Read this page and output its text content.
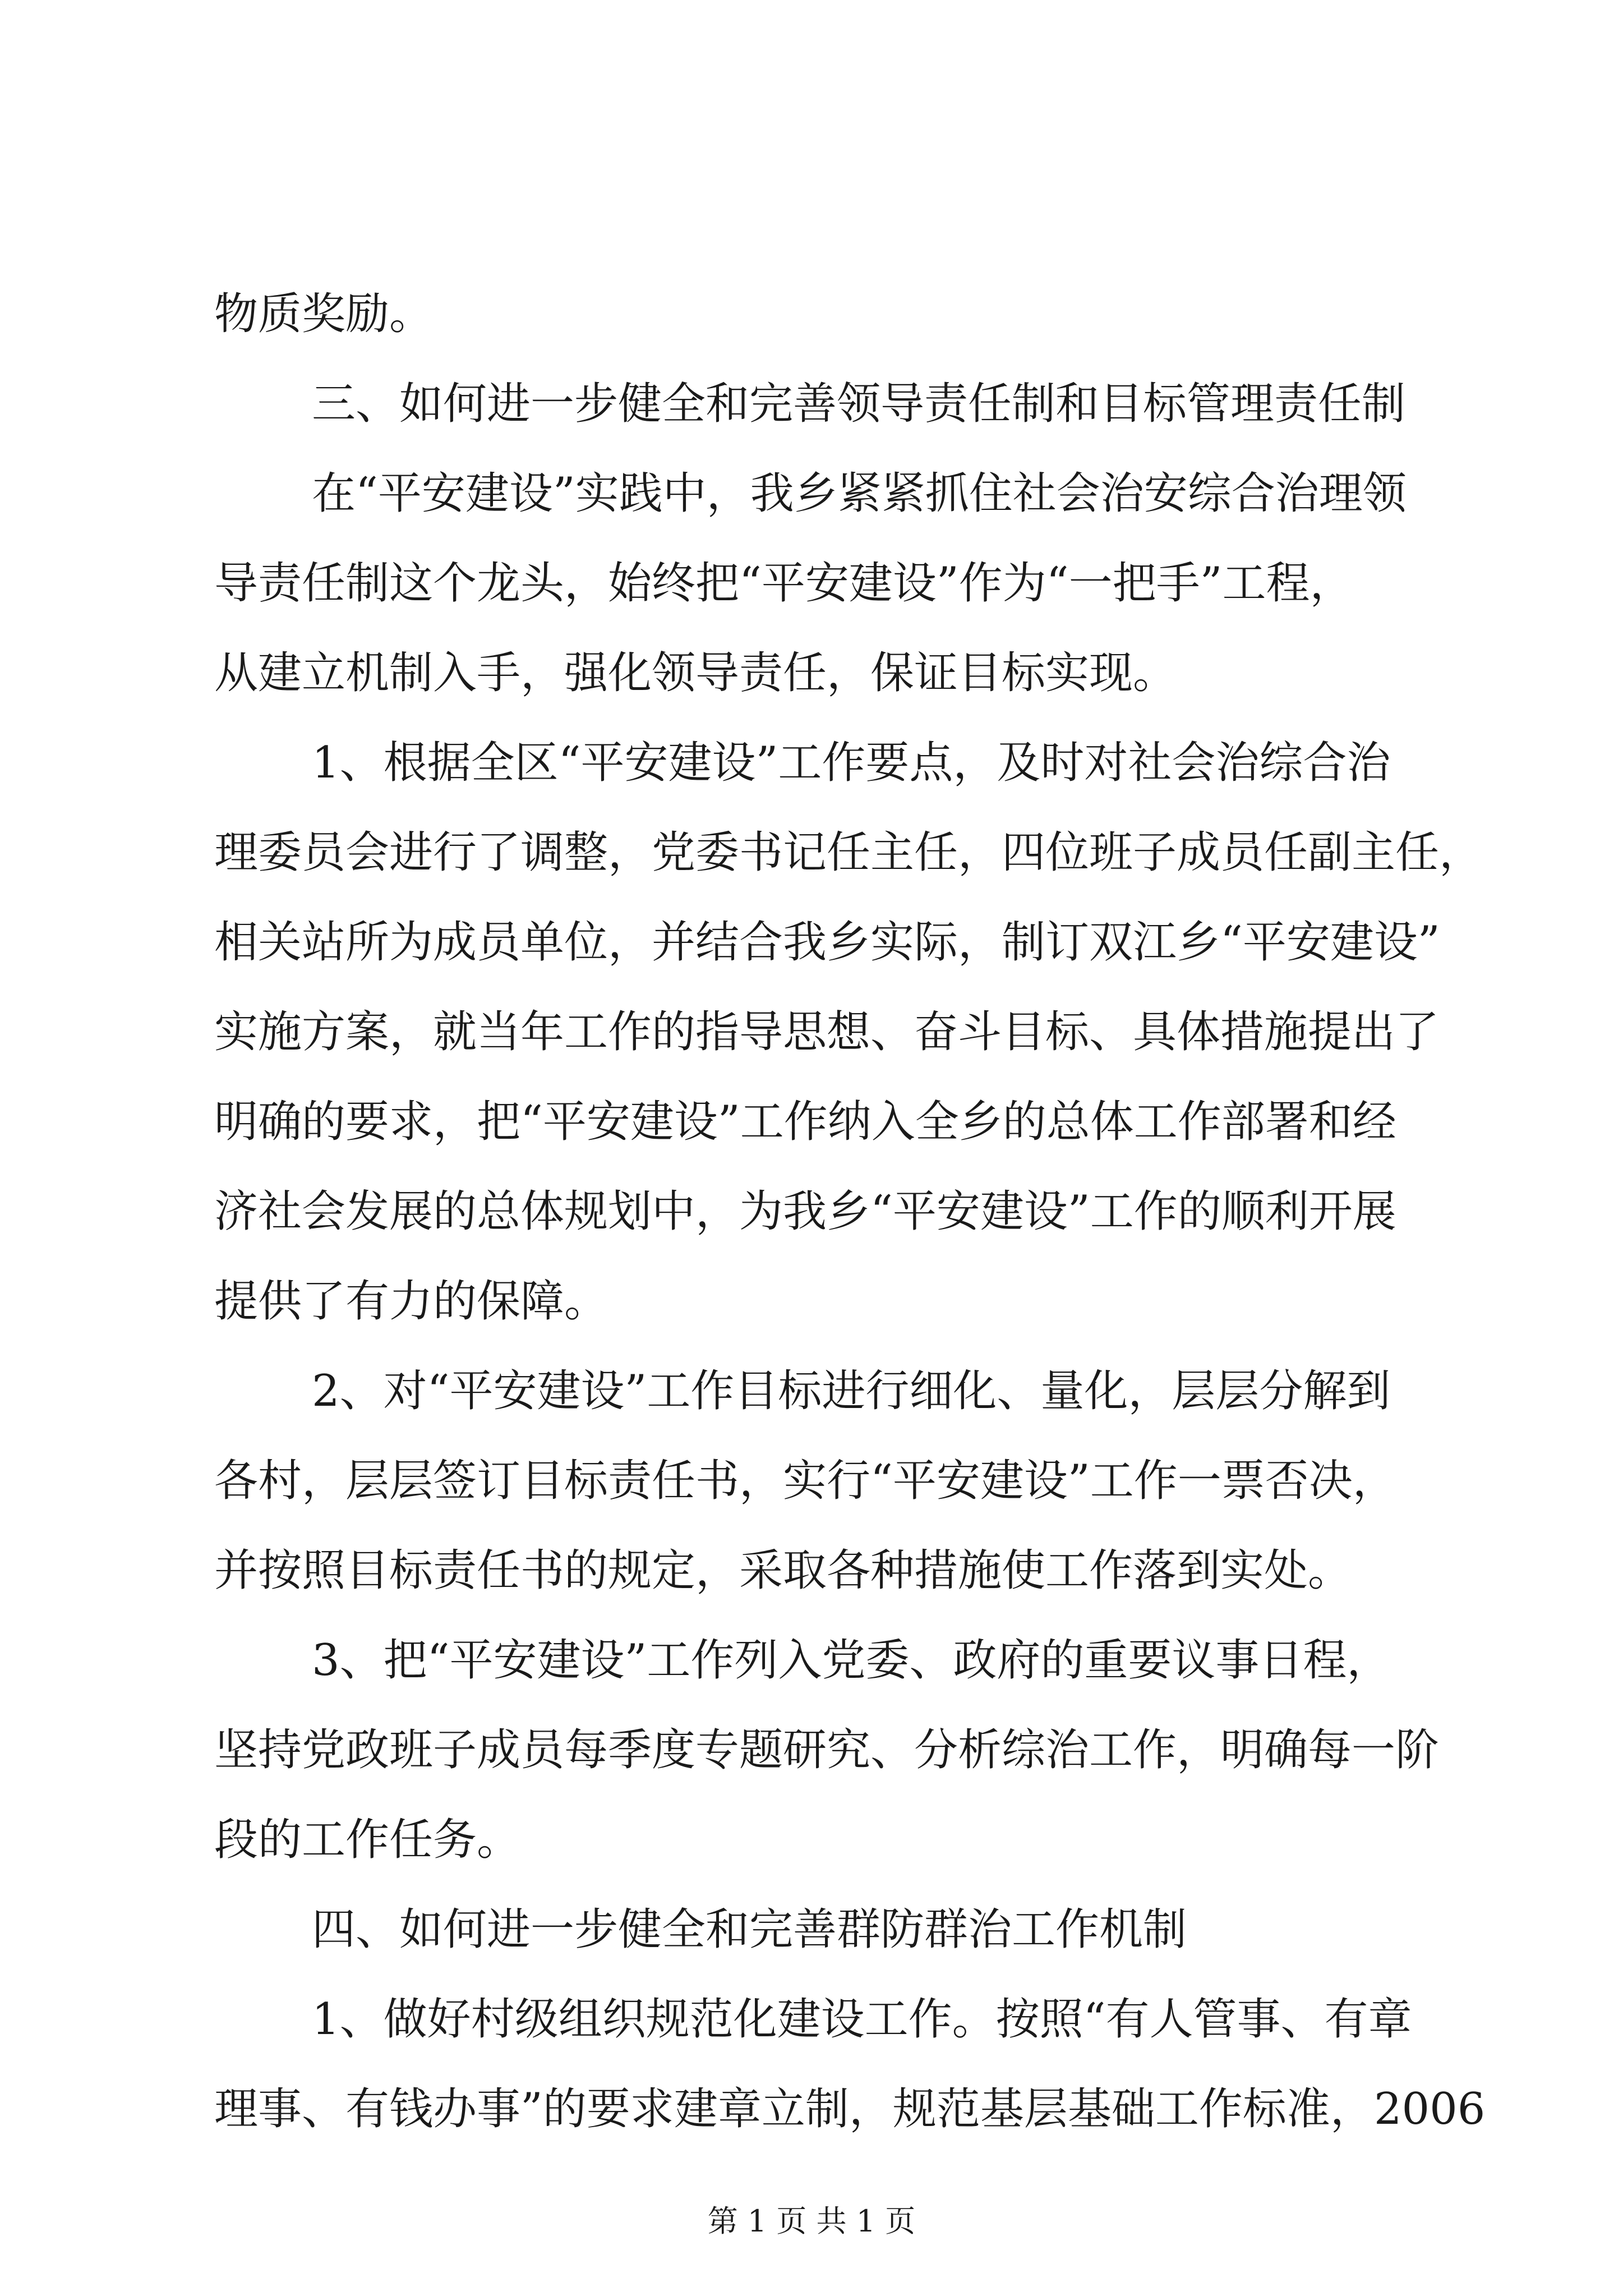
物质奖励。
三、如何进一步健全和完善领导责任制和目标管理责任制
在“平安建设”实践中，我乡紧紧抓住社会治安综合治理领
导责任制这个龙头，始终把“平安建设”作为“一把手”工程，
从建立机制入手，强化领导责任，保证目标实现。
1、根据全区“平安建设”工作要点，及时对社会治综合治
理委员会进行了调整，党委书记任主任，四位班子成员任副主任，
相关站所为成员单位，并结合我乡实际，制订双江乡“平安建设”
实施方案，就当年工作的指导思想、奋斗目标、具体措施提出了
明确的要求，把“平安建设”工作纳入全乡的总体工作部署和经
济社会发展的总体规划中，为我乡“平安建设”工作的顺利开展
提供了有力的保障。
2、对“平安建设”工作目标进行细化、量化，层层分解到
各村，层层签订目标责任书，实行“平安建设”工作一票否决，
并按照目标责任书的规定，采取各种措施使工作落到实处。
3、把“平安建设”工作列入党委、政府的重要议事日程，
坚持党政班子成员每季度专题研究、分析综治工作，明确每一阶
段的工作任务。
四、如何进一步健全和完善群防群治工作机制
1、做好村级组织规范化建设工作。按照“有人管事、有章
理事、有钱办事”的要求建章立制，规范基层基础工作标准，2006
第 1 页 共 1 页
